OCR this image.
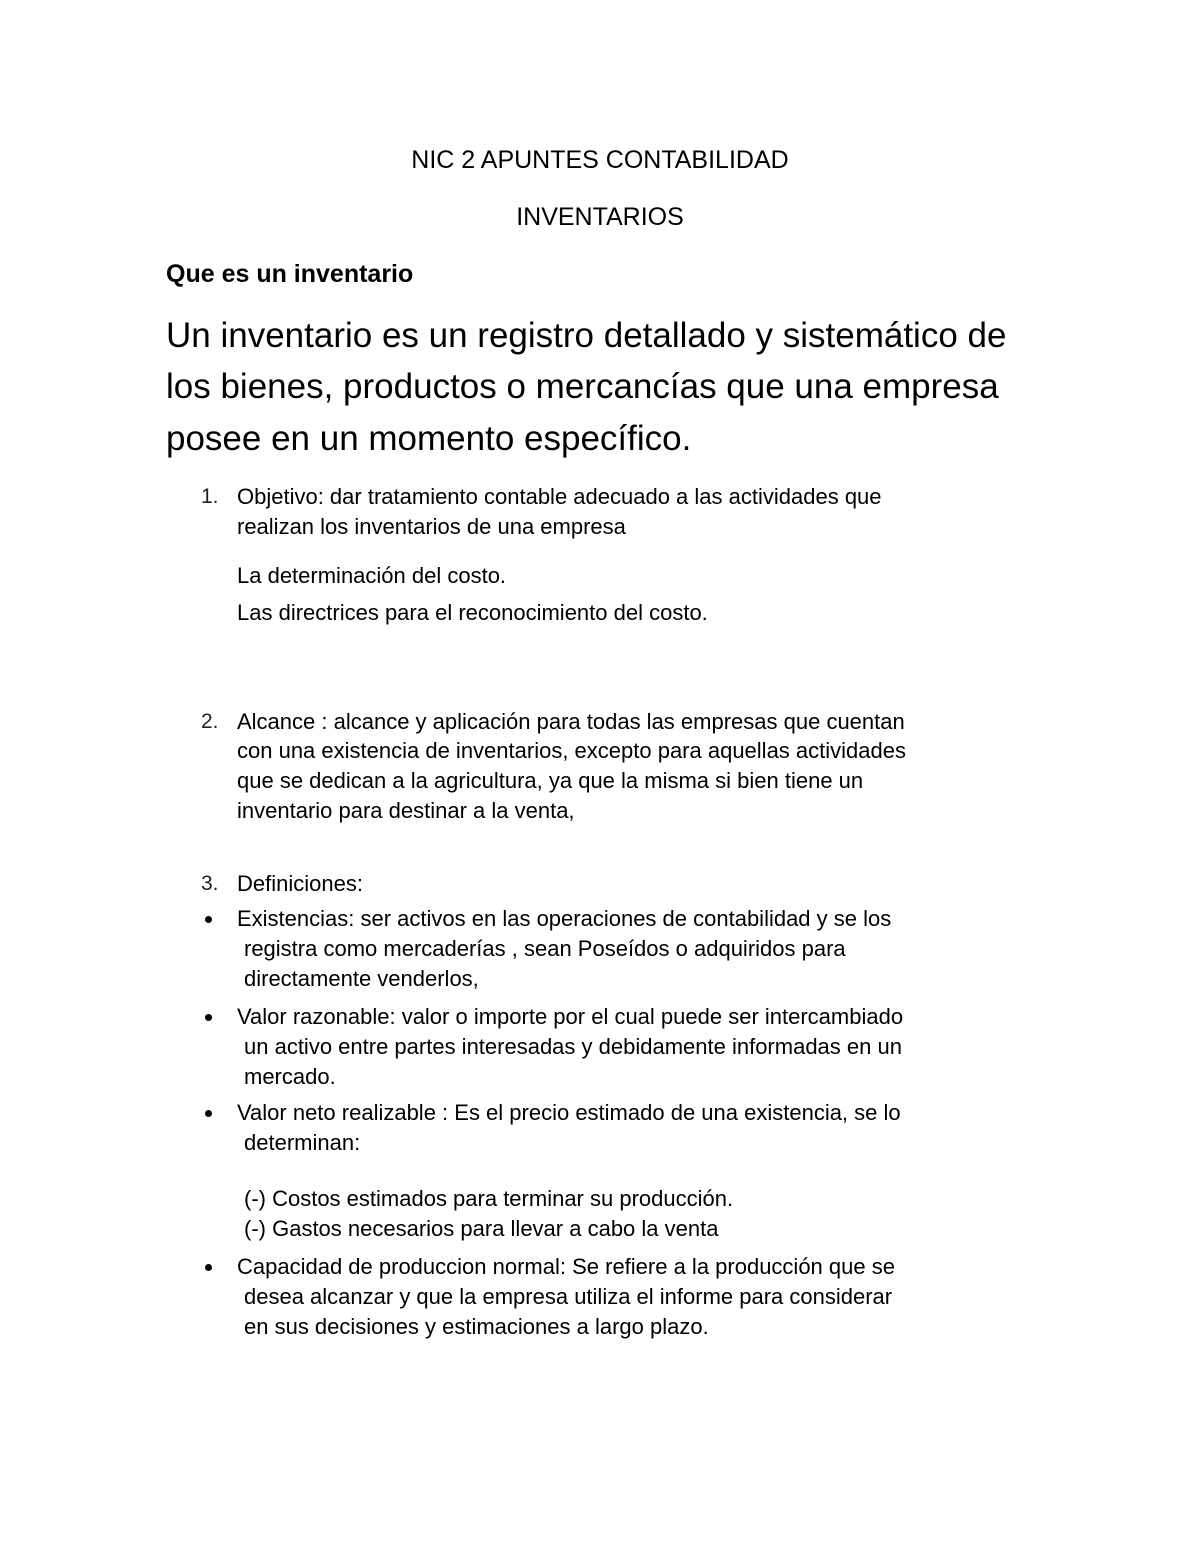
NIC 2 APUNTES CONTABILIDAD
INVENTARIOS
Que es un inventario
Un inventario es un registro detallado y sistemático de
los bienes, productos o mercancías que una empresa
posee en un momento específico.
1. Objetivo: dar tratamiento contable adecuado a las actividades que
realizan los inventarios de una empresa
La determinación del costo.
Las directrices para el reconocimiento del costo.
2. Alcance : alcance y aplicación para todas las empresas que cuentan
con una existencia de inventarios, excepto para aquellas actividades
que se dedican a la agricultura, ya que la misma si bien tiene un
inventario para destinar a la venta,
3. Definiciones:
Existencias: ser activos en las operaciones de contabilidad y se los
registra como mercaderías , sean Poseídos o adquiridos para
directamente venderlos,
Valor razonable: valor o importe por el cual puede ser intercambiado
un activo entre partes interesadas y debidamente informadas en un
mercado.
Valor neto realizable : Es el precio estimado de una existencia, se lo
determinan:
(-) Costos estimados para terminar su producción.
(-) Gastos necesarios para llevar a cabo la venta
Capacidad de produccion normal: Se refiere a la producción que se
desea alcanzar y que la empresa utiliza el informe para considerar
en sus decisiones y estimaciones a largo plazo.
